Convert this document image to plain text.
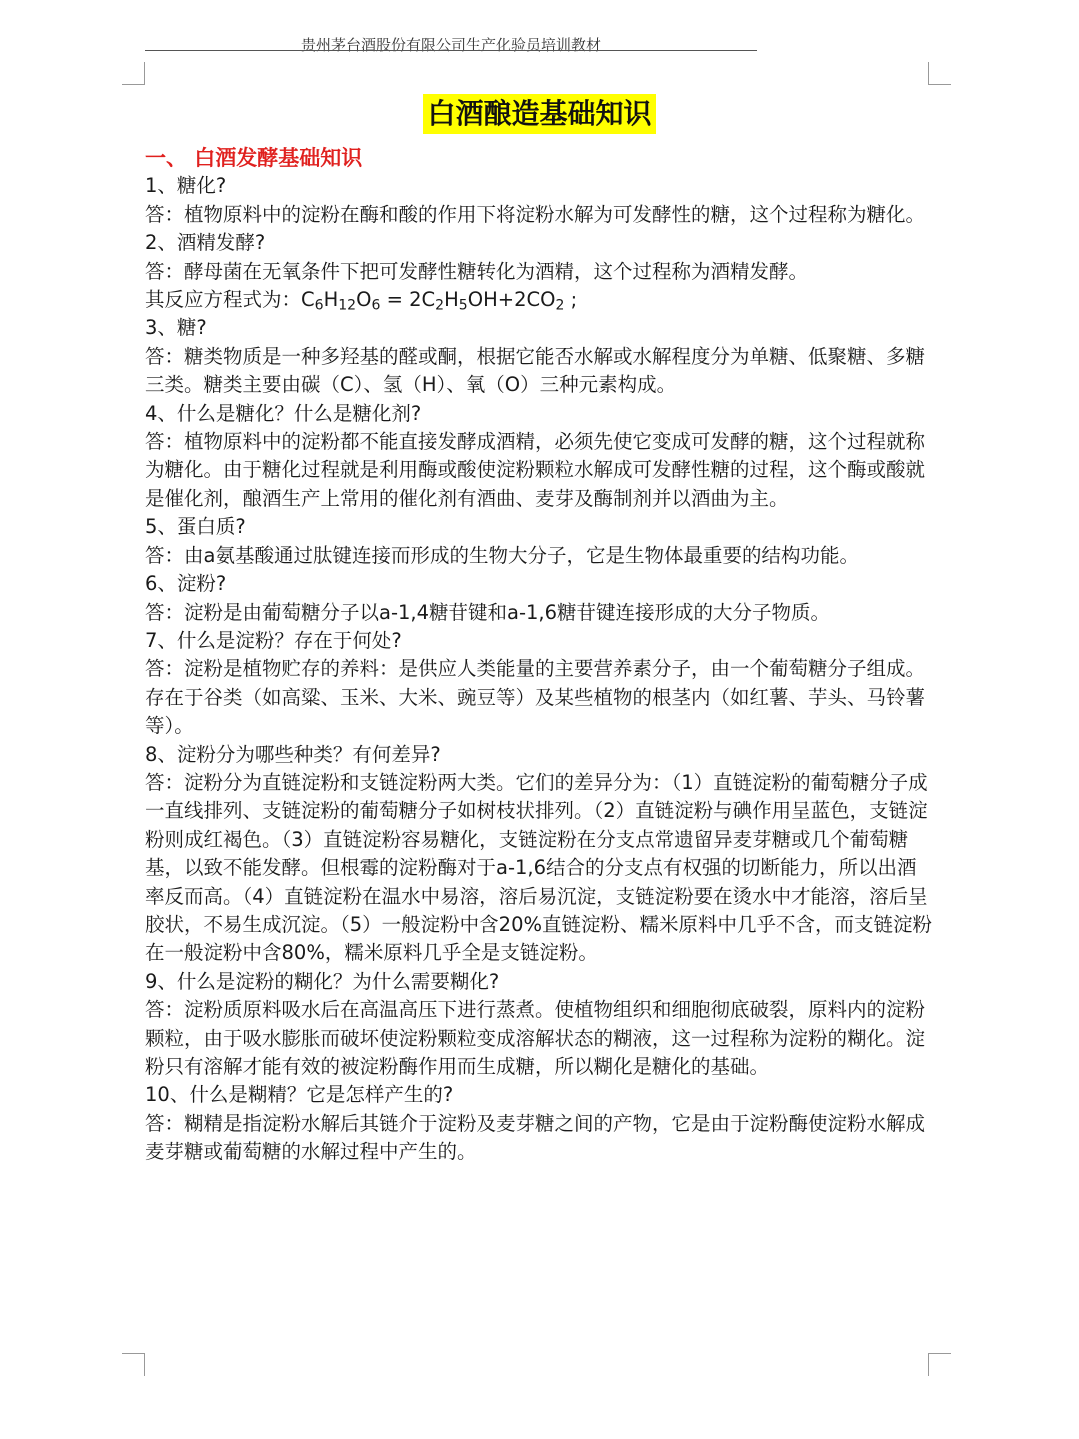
贵州茅台酒股份有限公司生产化验员培训教材
白酒酿造基础知识
一、 白酒发酵基础知识
1、糖化?
答：植物原料中的淀粉在酶和酸的作用下将淀粉水解为可发酵性的糖，这个过程称为糖化。
2、酒精发酵?
答：酵母菌在无氧条件下把可发酵性糖转化为酒精，这个过程称为酒精发酵。
其反应方程式为：$C_6H_{12}O_6 = 2C_2H_5OH+2CO_2$ ;
3、糖?
答：糖类物质是一种多羟基的醛或酮，根据它能否水解或水解程度分为单糖、低聚糖、多糖三类。糖类主要由碳（C）、氢（H）、氧（O）三种元素构成。
4、什么是糖化？什么是糖化剂?
答：植物原料中的淀粉都不能直接发酵成酒精，必须先使它变成可发酵的糖，这个过程就称为糖化。由于糖化过程就是利用酶或酸使淀粉颗粒水解成可发酵性糖的过程，这个酶或酸就是催化剂，酿酒生产上常用的催化剂有酒曲、麦芽及酶制剂并以酒曲为主。
5、蛋白质?
答：由a氨基酸通过肽键连接而形成的生物大分子，它是生物体最重要的结构功能。
6、淀粉?
答：淀粉是由葡萄糖分子以a-1,4糖苷键和a-1,6糖苷键连接形成的大分子物质。
7、什么是淀粉？存在于何处?
答：淀粉是植物贮存的养料：是供应人类能量的主要营养素分子，由一个葡萄糖分子组成。存在于谷类（如高粱、玉米、大米、豌豆等）及某些植物的根茎内（如红薯、芋头、马铃薯等）。
8、淀粉分为哪些种类？有何差异?
答：淀粉分为直链淀粉和支链淀粉两大类。它们的差异分为：（1）直链淀粉的葡萄糖分子成一直线排列、支链淀粉的葡萄糖分子如树枝状排列。（2）直链淀粉与碘作用呈蓝色，支链淀粉则成红褐色。（3）直链淀粉容易糖化，支链淀粉在分支点常遗留异麦芽糖或几个葡萄糖基，以致不能发酵。但根霉的淀粉酶对于a-1,6结合的分支点有权强的切断能力，所以出酒率反而高。（4）直链淀粉在温水中易溶，溶后易沉淀，支链淀粉要在烫水中才能溶，溶后呈胶状，不易生成沉淀。（5）一般淀粉中含20%直链淀粉、糯米原料中几乎不含，而支链淀粉在一般淀粉中含80%，糯米原料几乎全是支链淀粉。
9、什么是淀粉的糊化？为什么需要糊化?
答：淀粉质原料吸水后在高温高压下进行蒸煮。使植物组织和细胞彻底破裂，原料内的淀粉颗粒，由于吸水膨胀而破坏使淀粉颗粒变成溶解状态的糊液，这一过程称为淀粉的糊化。淀粉只有溶解才能有效的被淀粉酶作用而生成糖，所以糊化是糖化的基础。
10、什么是糊精？它是怎样产生的?
答：糊精是指淀粉水解后其链介于淀粉及麦芽糖之间的产物，它是由于淀粉酶使淀粉水解成麦芽糖或葡萄糖的水解过程中产生的。
